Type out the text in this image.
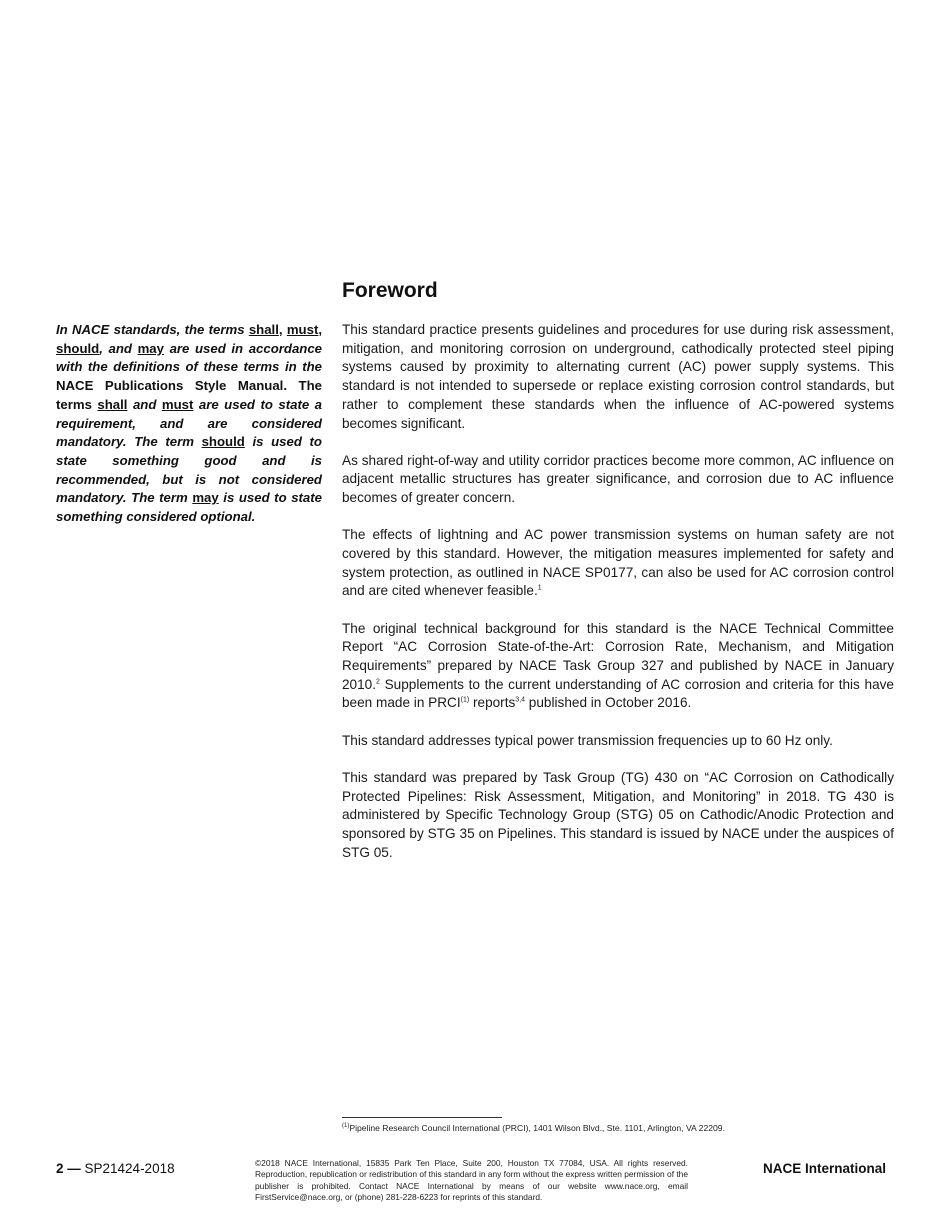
Foreword
In NACE standards, the terms shall, must, should, and may are used in accordance with the definitions of these terms in the NACE Publications Style Manual. The terms shall and must are used to state a requirement, and are considered mandatory. The term should is used to state something good and is recommended, but is not considered mandatory. The term may is used to state something considered optional.

This standard practice presents guidelines and procedures for use during risk assessment, mitigation, and monitoring corrosion on underground, cathodically protected steel piping systems caused by proximity to alternating current (AC) power supply systems. This standard is not intended to supersede or replace existing corrosion control standards, but rather to complement these standards when the influence of AC-powered systems becomes significant.

As shared right-of-way and utility corridor practices become more common, AC influence on adjacent metallic structures has greater significance, and corrosion due to AC influence becomes of greater concern.

The effects of lightning and AC power transmission systems on human safety are not covered by this standard. However, the mitigation measures implemented for safety and system protection, as outlined in NACE SP0177, can also be used for AC corrosion control and are cited whenever feasible.$^1$

The original technical background for this standard is the NACE Technical Committee Report “AC Corrosion State-of-the-Art: Corrosion Rate, Mechanism, and Mitigation Requirements” prepared by NACE Task Group 327 and published by NACE in January 2010.$^2$ Supplements to the current understanding of AC corrosion and criteria for this have been made in PRCI$^{(1)}$ reports$^{3,4}$ published in October 2016.

This standard addresses typical power transmission frequencies up to 60 Hz only.

This standard was prepared by Task Group (TG) 430 on “AC Corrosion on Cathodically Protected Pipelines: Risk Assessment, Mitigation, and Monitoring” in 2018. TG 430 is administered by Specific Technology Group (STG) 05 on Cathodic/Anodic Protection and sponsored by STG 35 on Pipelines. This standard is issued by NACE under the auspices of STG 05.

$^{(1)}$Pipeline Research Council International (PRCI), 1401 Wilson Blvd., Ste. 1101, Arlington, VA 22209.
2 — SP21424-2018	©2018 NACE International, 15835 Park Ten Place, Suite 200, Houston TX 77084, USA. All rights reserved. Reproduction, republication or redistribution of this standard in any form without the express written permission of the publisher is prohibited. Contact NACE International by means of our website www.nace.org, email FirstService@nace.org, or (phone) 281-228-6223 for reprints of this standard.
NACE International
